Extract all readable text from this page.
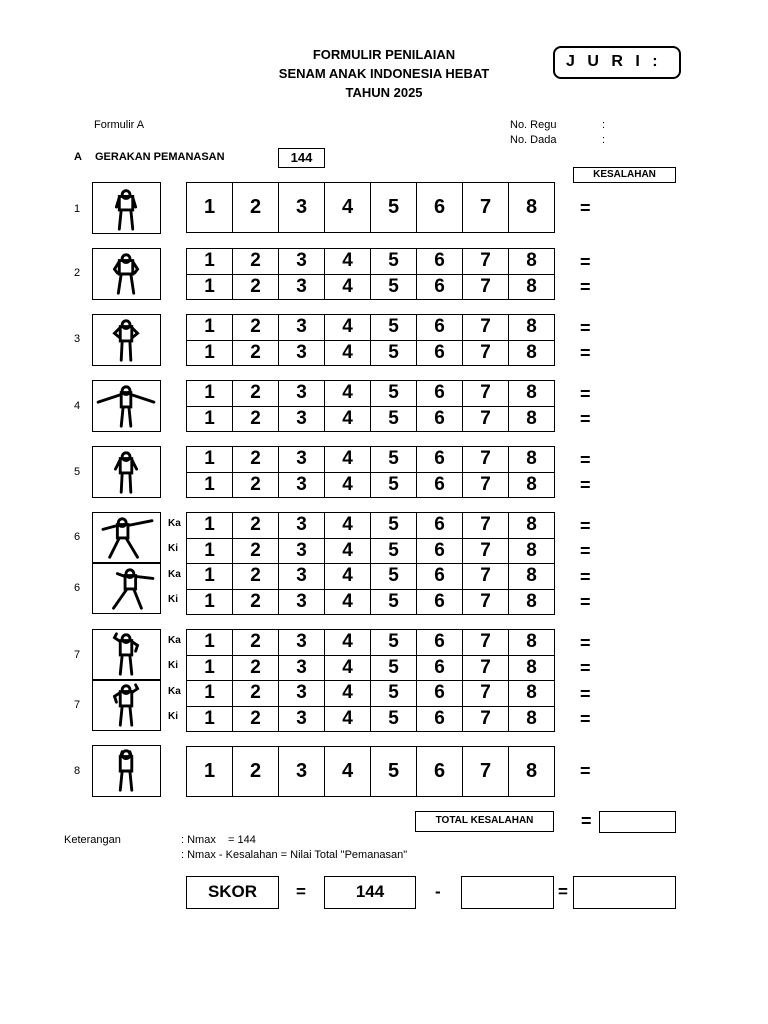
FORMULIR PENILAIAN
SENAM ANAK INDONESIA HEBAT
TAHUN 2025
J U R I :
Formulir A	No. Regu	:
No. Dada	:
A GERAKAN PEMANASAN	144
KESALAHAN
1	1	2	3	4	5	6	7	8 =
2
1	2	3	4	5	6	7	8
1	2	3	4	5	6	7	8
=
=
3
1	2	3	4	5	6	7	8
1	2	3	4	5	6	7	8
=
=
4
1	2	3	4	5	6	7	8
1	2	3	4	5	6	7	8
=
=
5
1	2	3	4	5	6	7	8
1	2	3	4	5	6	7	8
=
=
6
Ka
Ki
1	2	3	4	5	6	7	8
1	2	3	4	5	6	7	8
=
=
6
Ka
Ki
1	2	3	4	5	6	7	8
1	2	3	4	5	6	7	8
=
=
7
Ka
Ki
1	2	3	4	5	6	7	8
1	2	3	4	5	6	7	8
=
=
7
Ka
Ki
1	2	3	4	5	6	7	8
1	2	3	4	5	6	7	8
=
=
8	1	2	3	4	5	6	7	8 =
TOTAL KESALAHAN	=
Keterangan	: Nmax    = 144
: Nmax - Kesalahan = Nilai Total "Pemanasan"
SKOR	=	144	-	=
